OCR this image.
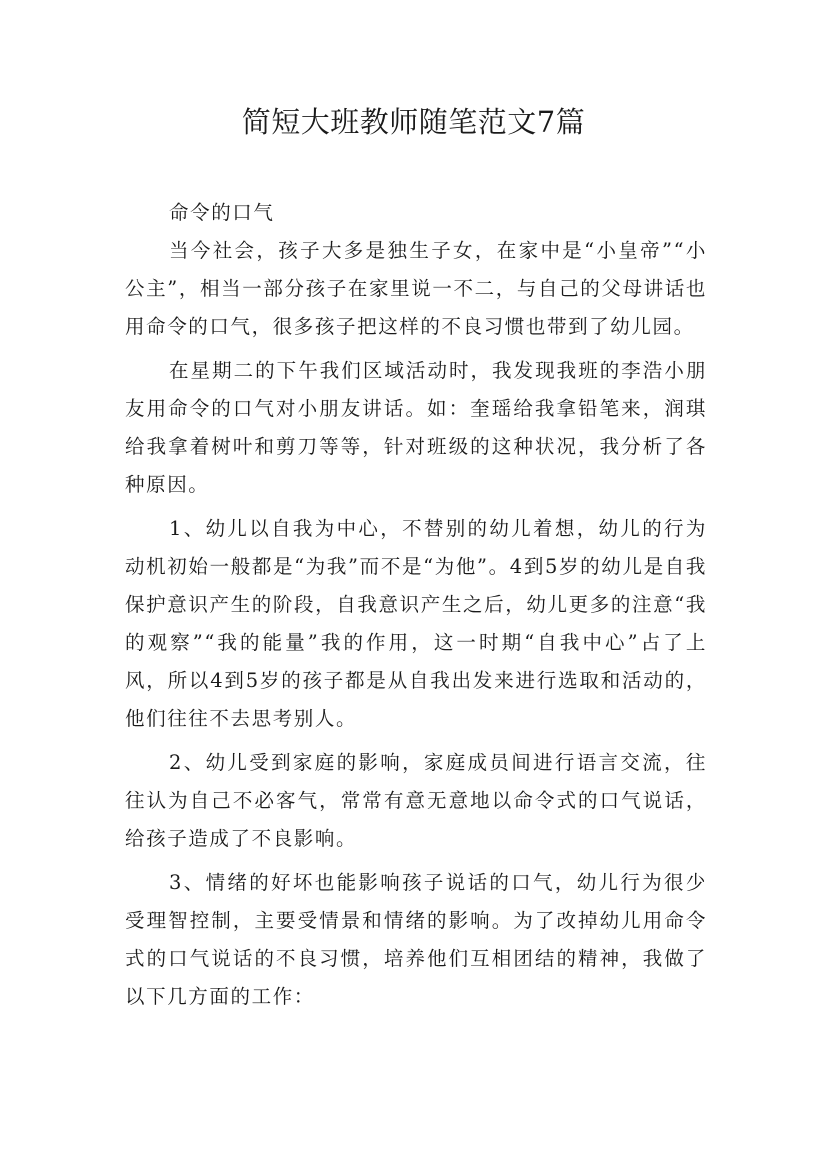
简短大班教师随笔范文7篇

命令的口气

当今社会，孩子大多是独生子女，在家中是“小皇帝”“小公主”，相当一部分孩子在家里说一不二，与自己的父母讲话也用命令的口气，很多孩子把这样的不良习惯也带到了幼儿园。

在星期二的下午我们区域活动时，我发现我班的李浩小朋友用命令的口气对小朋友讲话。如：奎瑶给我拿铅笔来，润琪给我拿着树叶和剪刀等等，针对班级的这种状况，我分析了各种原因。

1、幼儿以自我为中心，不替别的幼儿着想，幼儿的行为动机初始一般都是“为我”而不是“为他”。4到5岁的幼儿是自我保护意识产生的阶段，自我意识产生之后，幼儿更多的注意“我的观察”“我的能量”我的作用，这一时期“自我中心”占了上风，所以4到5岁的孩子都是从自我出发来进行选取和活动的，他们往往不去思考别人。

2、幼儿受到家庭的影响，家庭成员间进行语言交流，往往认为自己不必客气，常常有意无意地以命令式的口气说话，给孩子造成了不良影响。

3、情绪的好坏也能影响孩子说话的口气，幼儿行为很少受理智控制，主要受情景和情绪的影响。为了改掉幼儿用命令式的口气说话的不良习惯，培养他们互相团结的精神，我做了以下几方面的工作：
